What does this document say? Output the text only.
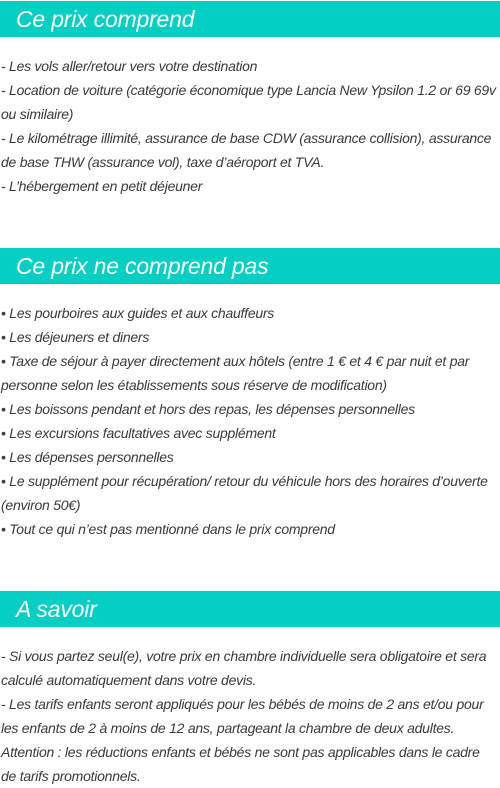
Ce prix comprend

- Les vols aller/retour vers votre destination

- Location de voiture (catégorie économique type Lancia New Ypsilon 1.2 or 69 69v ou similaire)

- Le kilométrage illimité, assurance de base CDW (assurance collision), assurance de base THW (assurance vol), taxe d’aéroport et TVA.

- L’hébergement en petit déjeuner

Ce prix ne comprend pas

• Les pourboires aux guides et aux chauffeurs

• Les déjeuners et diners

• Taxe de séjour à payer directement aux hôtels (entre 1 € et 4 € par nuit et par personne selon les établissements sous réserve de modification)

• Les boissons pendant et hors des repas, les dépenses personnelles

• Les excursions facultatives avec supplément

• Les dépenses personnelles

• Le supplément pour récupération/ retour du véhicule hors des horaires d’ouverte (environ 50€)

• Tout ce qui n’est pas mentionné dans le prix comprend

A savoir

- Si vous partez seul(e), votre prix en chambre individuelle sera obligatoire et sera calculé automatiquement dans votre devis.

- Les tarifs enfants seront appliqués pour les bébés de moins de 2 ans et/ou pour les enfants de 2 à moins de 12 ans, partageant la chambre de deux adultes.

Attention : les réductions enfants et bébés ne sont pas applicables dans le cadre de tarifs promotionnels.
